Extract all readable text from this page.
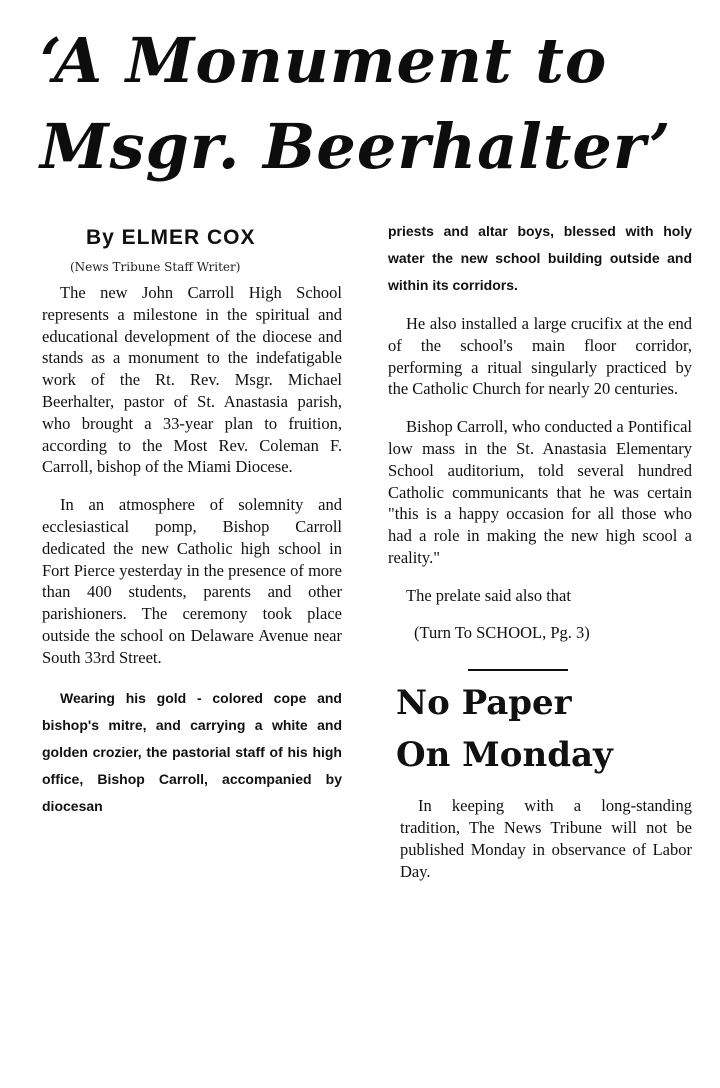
‘A Monument to
Msgr. Beerhalter’
By ELMER COX
(News Tribune Staff Writer)

The new John Carroll High School represents a milestone in the spiritual and educational development of the diocese and stands as a monument to the indefatigable work of the Rt. Rev. Msgr. Michael Beerhalter, pastor of St. Anastasia parish, who brought a 33-year plan to fruition, according to the Most Rev. Coleman F. Carroll, bishop of the Miami Diocese.

In an atmosphere of solemnity and ecclesiastical pomp, Bishop Carroll dedicated the new Catholic high school in Fort Pierce yesterday in the presence of more than 400 students, parents and other parishioners. The ceremony took place outside the school on Delaware Avenue near South 33rd Street.

Wearing his gold - colored cope and bishop's mitre, and carrying a white and golden crozier, the pastorial staff of his high office, Bishop Carroll, accompanied by diocesan

priests and altar boys, blessed with holy water the new school building outside and within its corridors.

He also installed a large crucifix at the end of the school's main floor corridor, performing a ritual singularly practiced by the Catholic Church for nearly 20 centuries.

Bishop Carroll, who conducted a Pontifical low mass in the St. Anastasia Elementary School auditorium, told several hundred Catholic communicants that he was certain "this is a happy occasion for all those who had a role in making the new high scool a reality."

The prelate said also that

(Turn To SCHOOL, Pg. 3)
No Paper
On Monday

In keeping with a long-standing tradition, The News Tribune will not be published Monday in observance of Labor Day.
